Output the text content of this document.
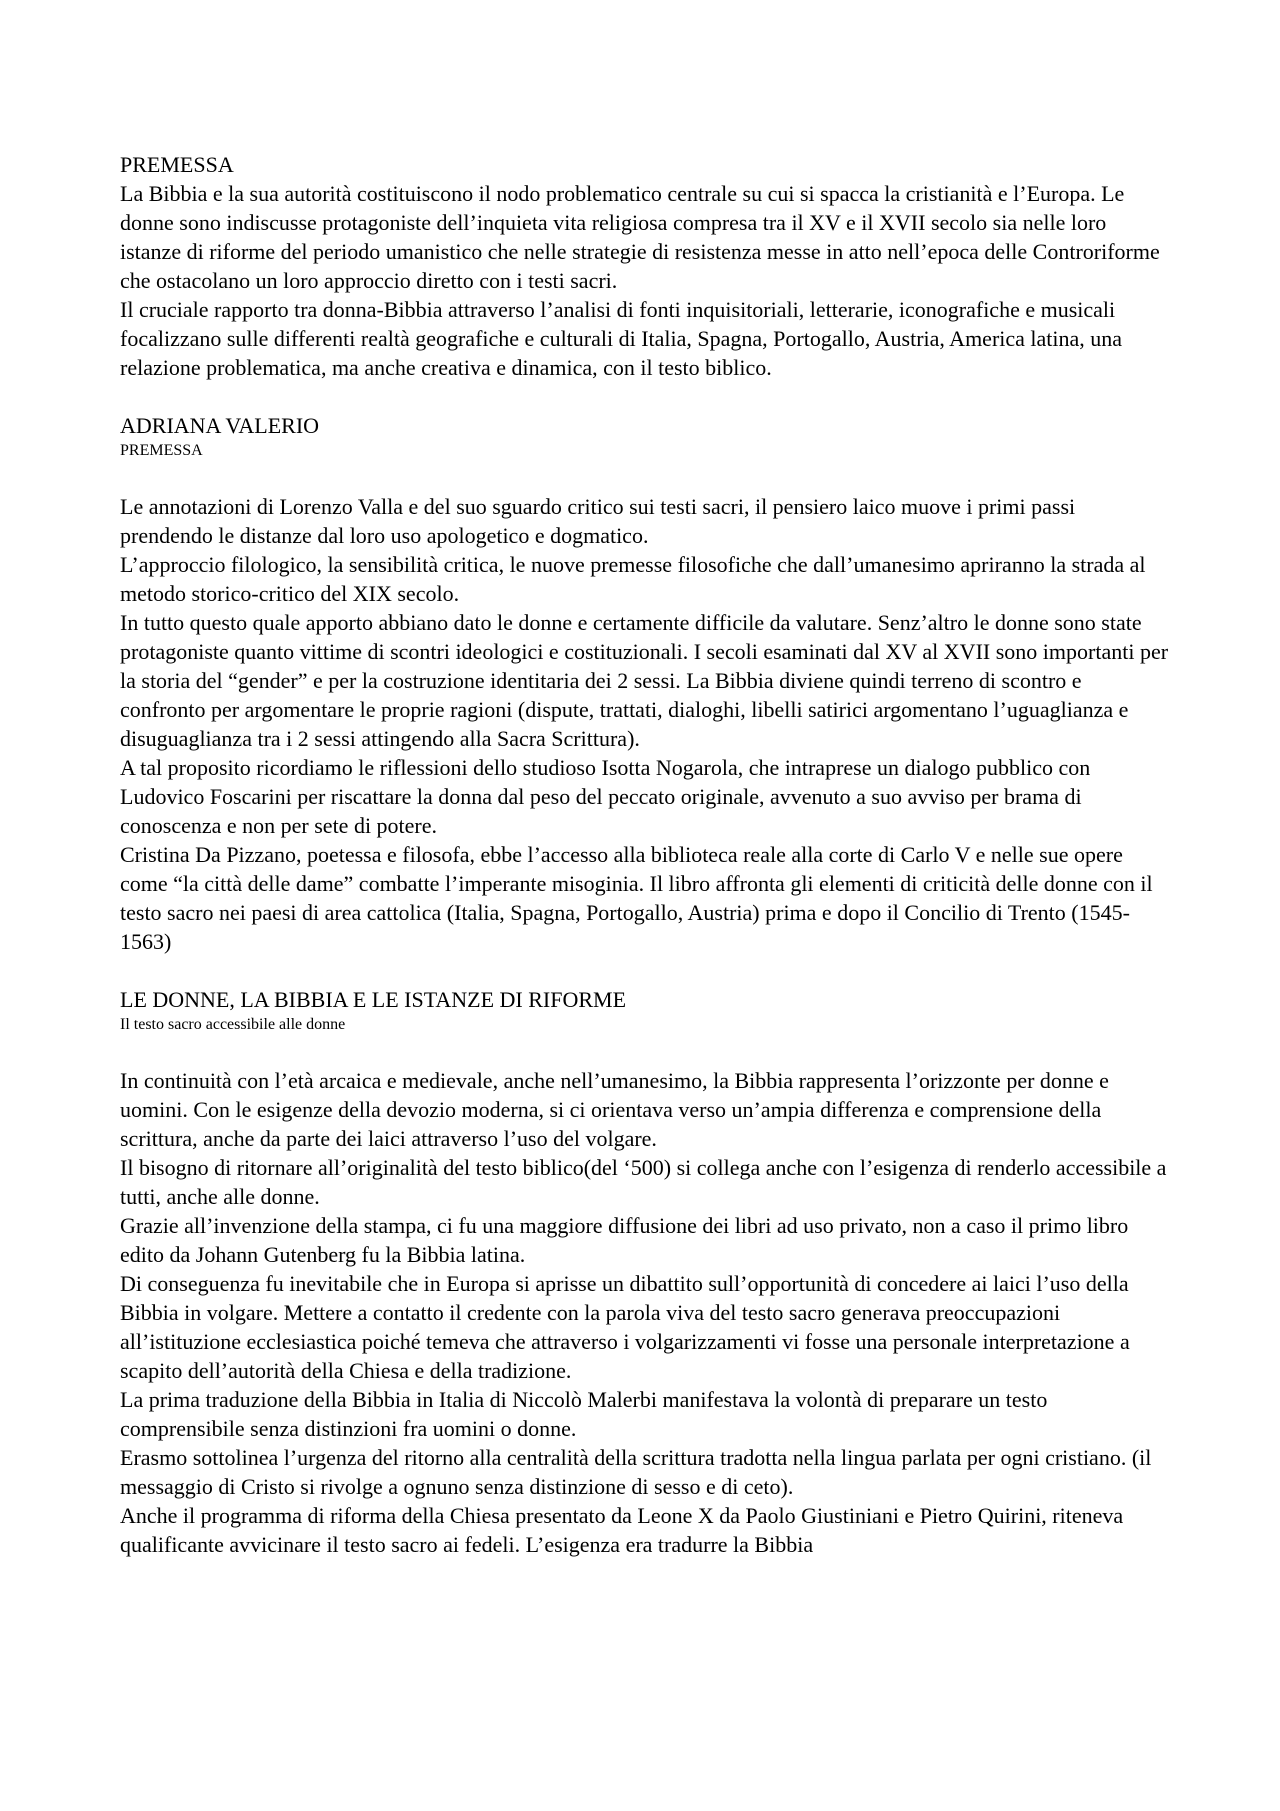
PREMESSA

La Bibbia e la sua autorità costituiscono il nodo problematico centrale su cui si spacca la cristianità e l’Europa. Le donne sono indiscusse protagoniste dell’inquieta vita religiosa compresa tra il XV e il XVII secolo sia nelle loro istanze di riforme del periodo umanistico che nelle strategie di resistenza messe in atto nell’epoca delle Controriforme che ostacolano un loro approccio diretto con i testi sacri.

Il cruciale rapporto tra donna-Bibbia attraverso l’analisi di fonti inquisitoriali, letterarie, iconografiche e musicali focalizzano sulle differenti realtà geografiche e culturali di Italia, Spagna, Portogallo, Austria, America latina, una relazione problematica, ma anche creativa e dinamica, con il testo biblico.

ADRIANA VALERIO
PREMESSA

Le annotazioni di Lorenzo Valla e del suo sguardo critico sui testi sacri, il pensiero laico muove i primi passi prendendo le distanze dal loro uso apologetico e dogmatico.

L’approccio filologico, la sensibilità critica, le nuove premesse filosofiche che dall’umanesimo apriranno la strada al metodo storico-critico del XIX secolo.

In tutto questo quale apporto abbiano dato le donne e certamente difficile da valutare. Senz’altro le donne sono state protagoniste quanto vittime di scontri ideologici e costituzionali. I secoli esaminati dal XV al XVII sono importanti per la storia del “gender” e per la costruzione identitaria dei 2 sessi. La Bibbia diviene quindi terreno di scontro e confronto per argomentare le proprie ragioni (dispute, trattati, dialoghi, libelli satirici argomentano l’uguaglianza e disuguaglianza tra i 2 sessi attingendo alla Sacra Scrittura).

A tal proposito ricordiamo le riflessioni dello studioso Isotta Nogarola, che intraprese un dialogo pubblico con Ludovico Foscarini per riscattare la donna dal peso del peccato originale, avvenuto a suo avviso per brama di conoscenza e non per sete di potere.

Cristina Da Pizzano, poetessa e filosofa, ebbe l’accesso alla biblioteca reale alla corte di Carlo V e nelle sue opere come “la città delle dame” combatte l’imperante misoginia. Il libro affronta gli elementi di criticità delle donne con il testo sacro nei paesi di area cattolica (Italia, Spagna, Portogallo, Austria) prima e dopo il Concilio di Trento (1545-1563)

LE DONNE, LA BIBBIA E LE ISTANZE DI RIFORME
Il testo sacro accessibile alle donne

In continuità con l’età arcaica e medievale, anche nell’umanesimo, la Bibbia rappresenta l’orizzonte per donne e uomini. Con le esigenze della devozio moderna, si ci orientava verso un’ampia differenza e comprensione della scrittura, anche da parte dei laici attraverso l’uso del volgare.

Il bisogno di ritornare all’originalità del testo biblico(del ‘500) si collega anche con l’esigenza di renderlo accessibile a tutti, anche alle donne.

Grazie all’invenzione della stampa, ci fu una maggiore diffusione dei libri ad uso privato, non a caso il primo libro edito da Johann Gutenberg fu la Bibbia latina.

Di conseguenza fu inevitabile che in Europa si aprisse un dibattito sull’opportunità di concedere ai laici l’uso della Bibbia in volgare. Mettere a contatto il credente con la parola viva del testo sacro generava preoccupazioni all’istituzione ecclesiastica poiché temeva che attraverso i volgarizzamenti vi fosse una personale interpretazione a scapito dell’autorità della Chiesa e della tradizione.

La prima traduzione della Bibbia in Italia di Niccolò Malerbi manifestava la volontà di preparare un testo comprensibile senza distinzioni fra uomini o donne.

Erasmo sottolinea l’urgenza del ritorno alla centralità della scrittura tradotta nella lingua parlata per ogni cristiano. (il messaggio di Cristo si rivolge a ognuno senza distinzione di sesso e di ceto).

Anche il programma di riforma della Chiesa presentato da Leone X da Paolo Giustiniani e Pietro Quirini, riteneva qualificante avvicinare il testo sacro ai fedeli. L’esigenza era tradurre la Bibbia
